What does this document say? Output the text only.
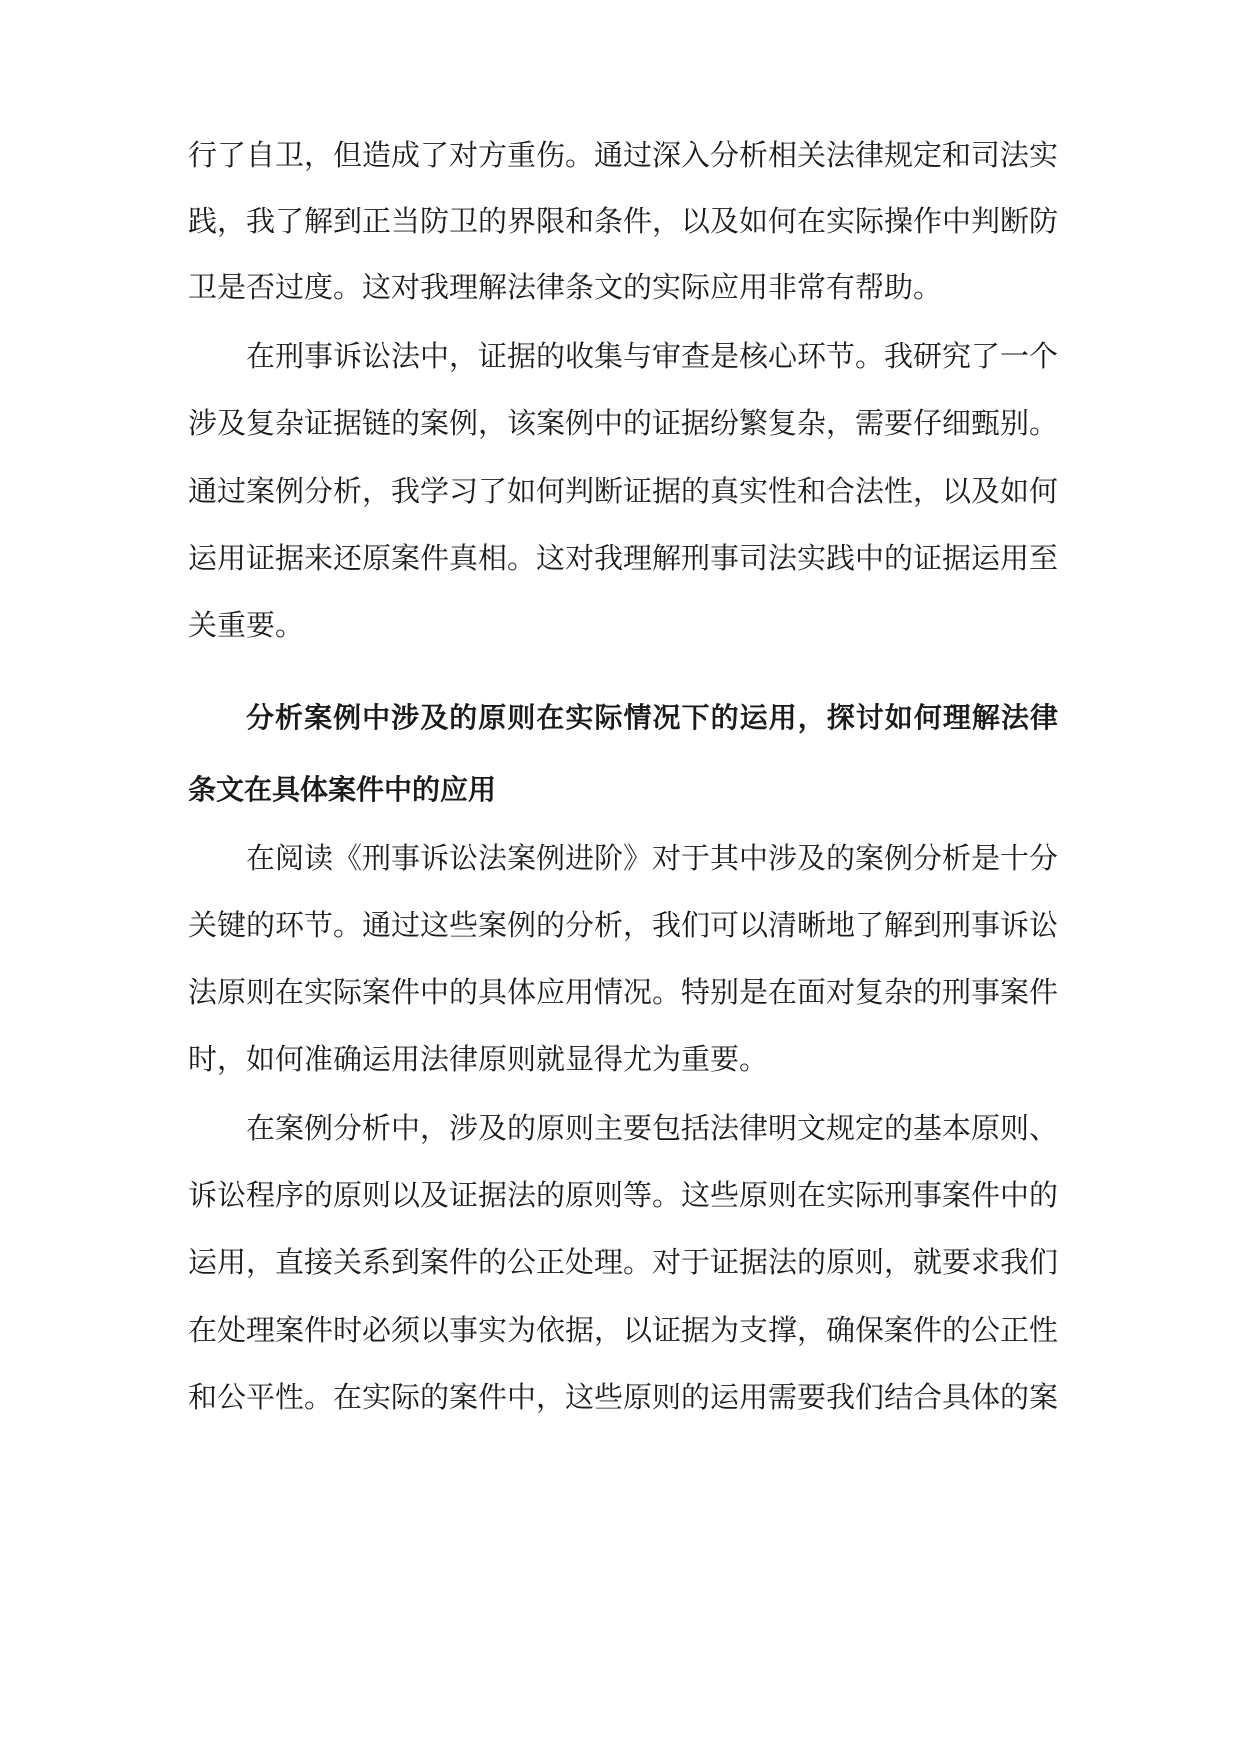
行了自卫，但造成了对方重伤。通过深入分析相关法律规定和司法实
践，我了解到正当防卫的界限和条件，以及如何在实际操作中判断防
卫是否过度。这对我理解法律条文的实际应用非常有帮助。
在刑事诉讼法中，证据的收集与审查是核心环节。我研究了一个
涉及复杂证据链的案例，该案例中的证据纷繁复杂，需要仔细甄别。
通过案例分析，我学习了如何判断证据的真实性和合法性，以及如何
运用证据来还原案件真相。这对我理解刑事司法实践中的证据运用至
关重要。
分析案例中涉及的原则在实际情况下的运用，探讨如何理解法律
条文在具体案件中的应用
在阅读《刑事诉讼法案例进阶》对于其中涉及的案例分析是十分
关键的环节。通过这些案例的分析，我们可以清晰地了解到刑事诉讼
法原则在实际案件中的具体应用情况。特别是在面对复杂的刑事案件
时，如何准确运用法律原则就显得尤为重要。
在案例分析中，涉及的原则主要包括法律明文规定的基本原则、
诉讼程序的原则以及证据法的原则等。这些原则在实际刑事案件中的
运用，直接关系到案件的公正处理。对于证据法的原则，就要求我们
在处理案件时必须以事实为依据，以证据为支撑，确保案件的公正性
和公平性。在实际的案件中，这些原则的运用需要我们结合具体的案
